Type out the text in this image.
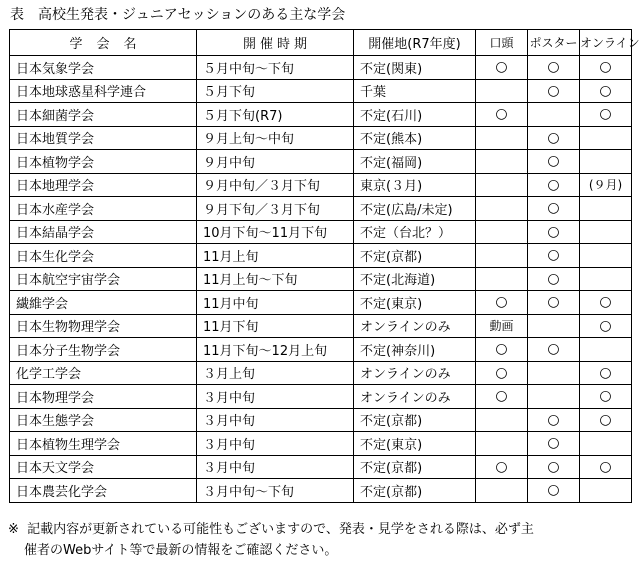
表 高校生発表・ジュニアセッションのある主な学会
学会名	開催時期	開催地(R7年度)	口頭	ポスター	オンライン
日本気象学会	５月中旬～下旬	不定(関東)	○	○	○
日本地球惑星科学連合	５月下旬	千葉		○	○
日本細菌学会	５月下旬(R7)	不定(石川)	○		○
日本地質学会	９月上旬～中旬	不定(熊本)		○	
日本植物学会	９月中旬	不定(福岡)		○	
日本地理学会	９月中旬／３月下旬	東京(３月)		○	(９月)
日本水産学会	９月下旬／３月下旬	不定(広島/未定)		○	
日本結晶学会	10月下旬～11月下旬	不定（台北？）		○	
日本生化学会	11月上旬	不定(京都)		○	
日本航空宇宙学会	11月上旬～下旬	不定(北海道)		○	
繊維学会	11月中旬	不定(東京)	○	○	○
日本生物物理学会	11月下旬	オンラインのみ	動画		○
日本分子生物学会	11月下旬～12月上旬	不定(神奈川)	○	○	
化学工学会	３月上旬	オンラインのみ	○		○
日本物理学会	３月中旬	オンラインのみ	○		○
日本生態学会	３月中旬	不定(京都)		○	○
日本植物生理学会	３月中旬	不定(東京)		○	
日本天文学会	３月中旬	不定(京都)	○	○	○
日本農芸化学会	３月中旬～下旬	不定(京都)		○	
※ 記載内容が更新されている可能性もございますので、発表・見学をされる際は、必ず主
催者のWebサイト等で最新の情報をご確認ください。
